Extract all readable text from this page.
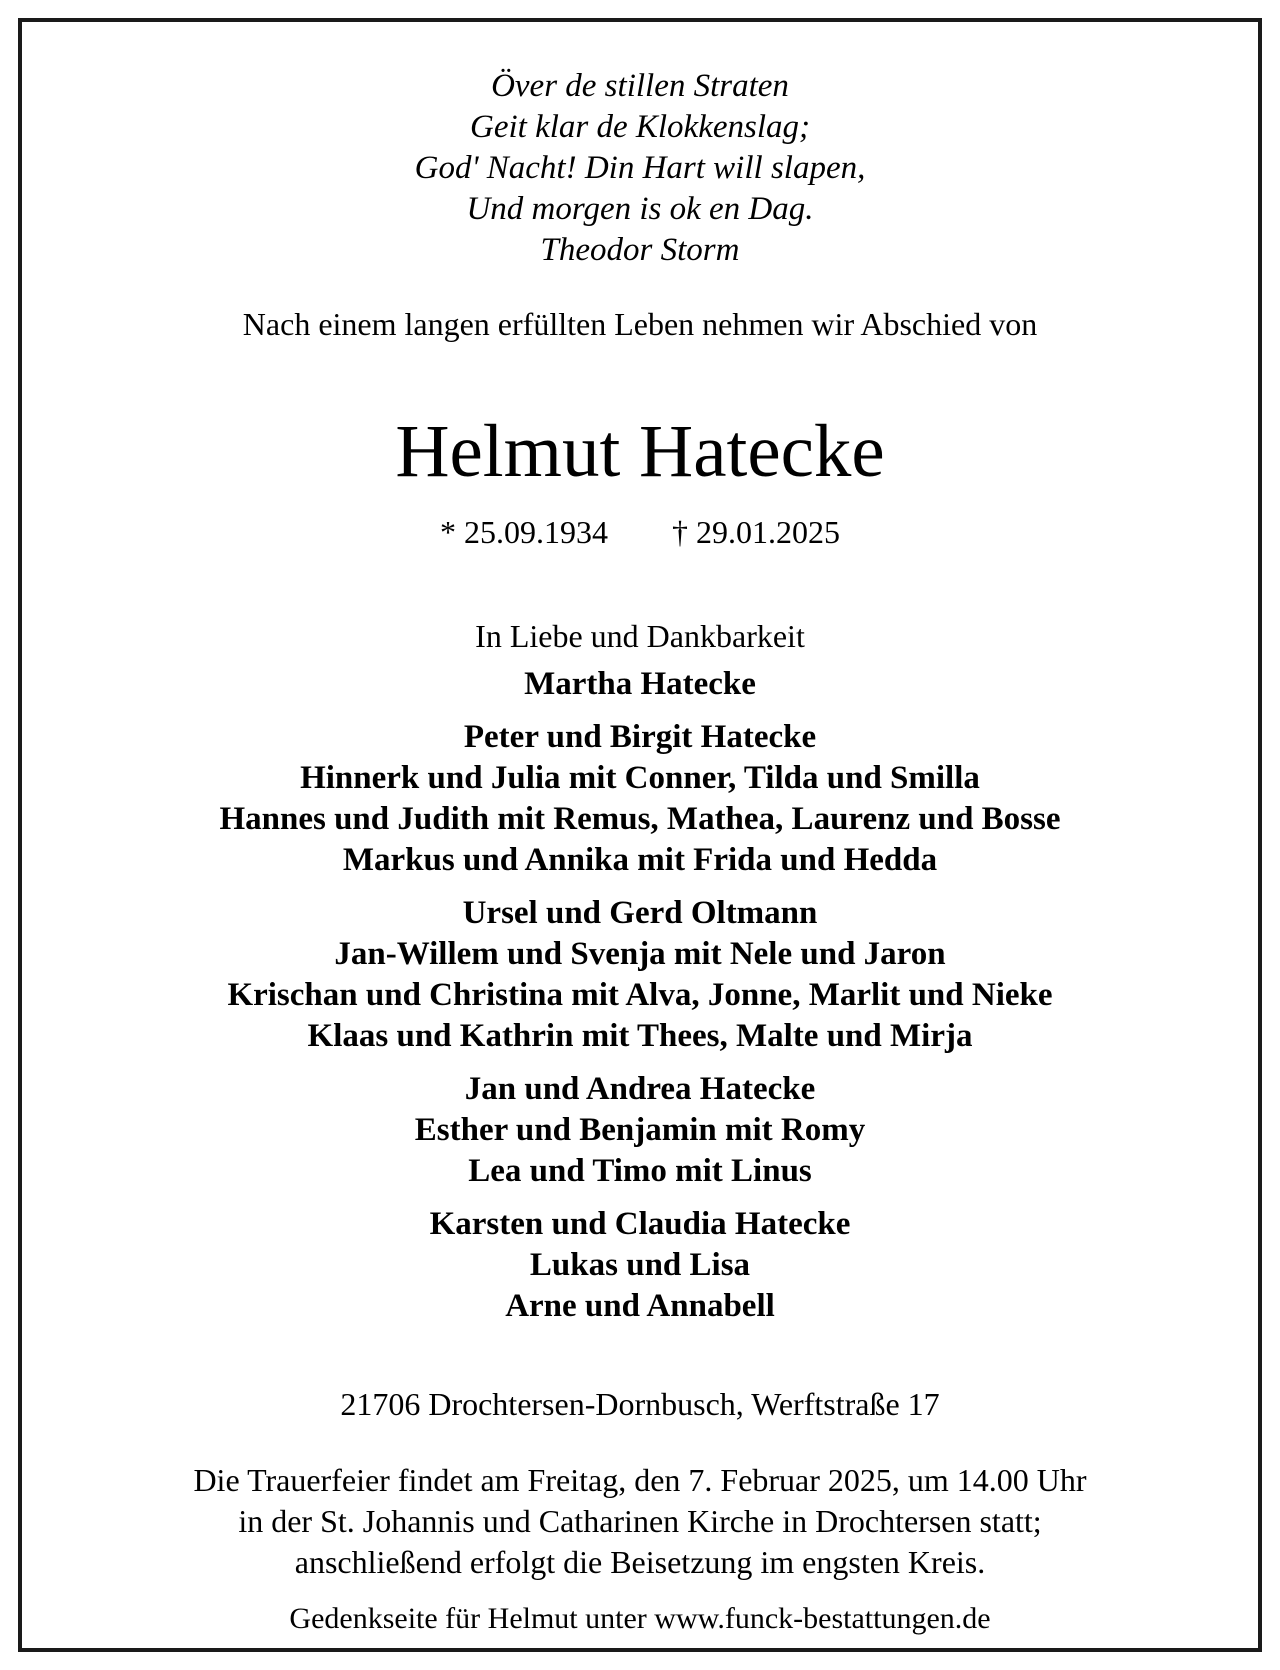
Över de stillen Straten
Geit klar de Klokkenslag;
God' Nacht! Din Hart will slapen,
Und morgen is ok en Dag.
Theodor Storm
Nach einem langen erfüllten Leben nehmen wir Abschied von
Helmut Hatecke
* 25.09.1934 † 29.01.2025
In Liebe und Dankbarkeit
Martha Hatecke
Peter und Birgit Hatecke
Hinnerk und Julia mit Conner, Tilda und Smilla
Hannes und Judith mit Remus, Mathea, Laurenz und Bosse
Markus und Annika mit Frida und Hedda
Ursel und Gerd Oltmann
Jan-Willem und Svenja mit Nele und Jaron
Krischan und Christina mit Alva, Jonne, Marlit und Nieke
Klaas und Kathrin mit Thees, Malte und Mirja
Jan und Andrea Hatecke
Esther und Benjamin mit Romy
Lea und Timo mit Linus
Karsten und Claudia Hatecke
Lukas und Lisa
Arne und Annabell
21706 Drochtersen-Dornbusch, Werftstraße 17
Die Trauerfeier findet am Freitag, den 7. Februar 2025, um 14.00 Uhr
in der St. Johannis und Catharinen Kirche in Drochtersen statt;
anschließend erfolgt die Beisetzung im engsten Kreis.
Gedenkseite für Helmut unter www.funck-bestattungen.de
